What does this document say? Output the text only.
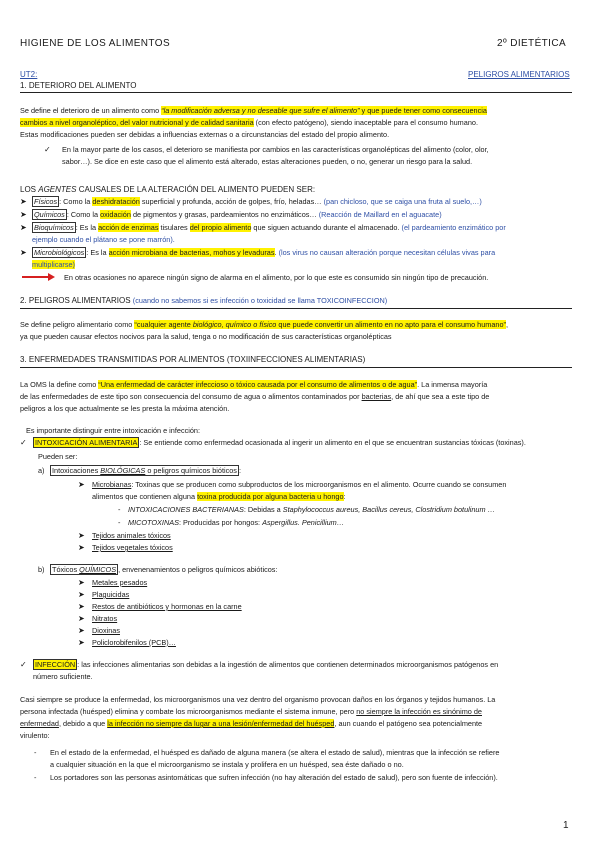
HIGIENE DE LOS ALIMENTOS	2º DIETÉTICA
UT2:	PELIGROS ALIMENTARIOS
1. DETERIORO DEL ALIMENTO
Se define el deterioro de un alimento como “la modificación adversa y no deseable que sufre el alimento” y que puede tener como consecuencia
cambios a nivel organoléptico, del valor nutricional y de calidad sanitaria (con efecto patógeno), siendo inaceptable para el consumo humano.
Estas modificaciones pueden ser debidas a influencias externas o a circunstancias del estado del propio alimento.
✓ En la mayor parte de los casos, el deterioro se manifiesta por cambios en las características organolépticas del alimento (color, olor,
sabor…). Se dice en este caso que el alimento está alterado, estas alteraciones pueden, o no, generar un riesgo para la salud.
LOS AGENTES CAUSALES DE LA ALTERACIÓN DEL ALIMENTO PUEDEN SER:
➤ Físicos : Como la deshidratación superficial y profunda, acción de golpes, frío, heladas… (pan chicloso, que se caiga una fruta al suelo,…)
➤ Químicos : Como la oxidación de pigmentos y grasas, pardeamientos no enzimáticos… (Reacción de Maillard en el aguacate)
➤ Bioquímicos : Es la acción de enzimas tisulares del propio alimento que siguen actuando durante el almacenado. (el pardeamiento enzimático por
ejemplo cuando el plátano se pone marrón).
➤ Microbiológicos : Es la acción microbiana de bacterias, mohos y levaduras. (los virus no causan alteración porque necesitan células vivas para
multiplicarse)
En otras ocasiones no aparece ningún signo de alarma en el alimento, por lo que este es consumido sin ningún tipo de precaución.
2. PELIGROS ALIMENTARIOS (cuando no sabemos si es infección o toxicidad se llama TOXICOINFECCION)
Se define peligro alimentario como “cualquier agente biológico, químico o físico que puede convertir un alimento en no apto para el consumo humano”,
ya que pueden causar efectos nocivos para la salud, tenga o no modificación de sus características organolépticas
3. ENFERMEDADES TRANSMITIDAS POR ALIMENTOS (TOXIINFECCIONES ALIMENTARIAS)
La OMS la define como “Una enfermedad de carácter infeccioso o tóxico causada por el consumo de alimentos o de agua”. La inmensa mayoría
de las enfermedades de este tipo son consecuencia del consumo de agua o alimentos contaminados por bacterias, de ahí que sea a este tipo de
peligros a los que actualmente se les presta la máxima atención.
Es importante distinguir entre intoxicación e infección:
✓ INTOXICACIÓN ALIMENTARIA : Se entiende como enfermedad ocasionada al ingerir un alimento en el que se encuentran sustancias tóxicas (toxinas).
Pueden ser:
a) Intoxicaciones BIOLÓGICAS o peligros químicos bióticos :
➤ Microbianas: Toxinas que se producen como subproductos de los microorganismos en el alimento. Ocurre cuando se consumen
alimentos que contienen alguna toxina producida por alguna bacteria u hongo:
- INTOXICACIONES BACTERIANAS: Debidas a Staphylococcus aureus, Bacillus cereus, Clostridium botulinum …
- MICOTOXINAS: Producidas por hongos: Aspergillus. Penicillium…
➤ Tejidos animales tóxicos
➤ Tejidos vegetales tóxicos
b) Tóxicos QUÍMICOS , envenenamientos o peligros químicos abióticos:
➤ Metales pesados
➤ Plaguicidas
➤ Restos de antibióticos y hormonas en la carne
➤ Nitratos
➤ Dioxinas
➤ Policlorobifenilos (PCB)…
✓ INFECCIÓN : las infecciones alimentarias son debidas a la ingestión de alimentos que contienen determinados microorganismos patógenos en
número suficiente.
Casi siempre se produce la enfermedad, los microorganismos una vez dentro del organismo provocan daños en los órganos y tejidos humanos. La
persona infectada (huésped) elimina y combate los microorganismos mediante el sistema inmune, pero no siempre la infección es sinónimo de
enfermedad, debido a que la infección no siempre da lugar a una lesión/enfermedad del huésped, aun cuando el patógeno sea potencialmente
virulento:
- En el estado de la enfermedad, el huésped es dañado de alguna manera (se altera el estado de salud), mientras que la infección se refiere
a cualquier situación en la que el microorganismo se instala y prolifera en un huésped, sea éste dañado o no.
- Los portadores son las personas asintomáticas que sufren infección (no hay alteración del estado de salud), pero son fuente de infección).
1
